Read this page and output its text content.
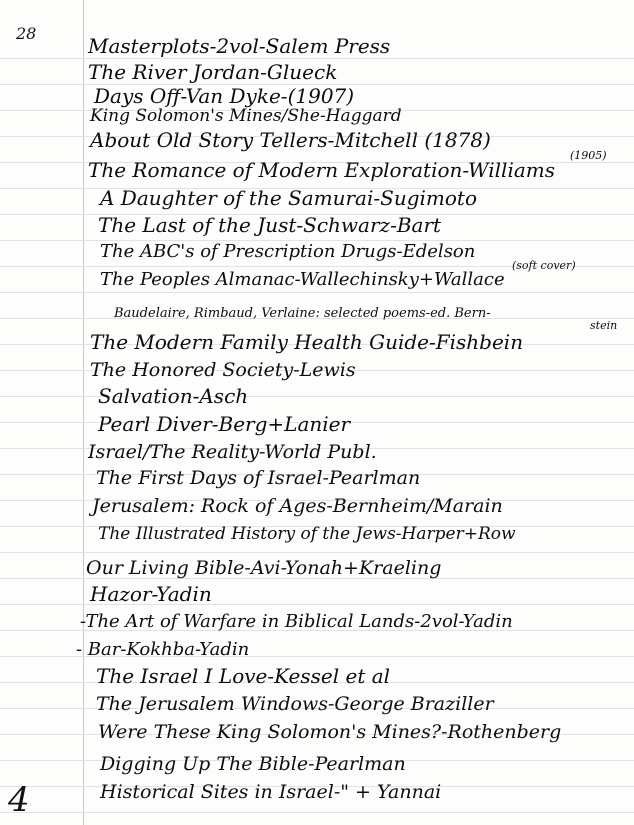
28
4
Masterplots-2vol-Salem Press
The River Jordan-Glueck
Days Off-Van Dyke-(1907)
King Solomon's Mines/She-Haggard
About Old Story Tellers-Mitchell (1878)
The Romance of Modern Exploration-Williams
A Daughter of the Samurai-Sugimoto
The Last of the Just-Schwarz-Bart
The ABC's of Prescription Drugs-Edelson
The Peoples Almanac-Wallechinsky+Wallace
Baudelaire, Rimbaud, Verlaine: selected poems-ed. Bern-
The Modern Family Health Guide-Fishbein
The Honored Society-Lewis
Salvation-Asch
Pearl Diver-Berg+Lanier
Israel/The Reality-World Publ.
The First Days of Israel-Pearlman
Jerusalem: Rock of Ages-Bernheim/Marain
The Illustrated History of the Jews-Harper+Row
Our Living Bible-Avi-Yonah+Kraeling
Hazor-Yadin
-The Art of Warfare in Biblical Lands-2vol-Yadin
- Bar-Kokhba-Yadin
The Israel I Love-Kessel et al
The Jerusalem Windows-George Braziller
Were These King Solomon's Mines?-Rothenberg
Digging Up The Bible-Pearlman
Historical Sites in Israel-" + Yannai
(1905)
(soft cover)
stein
